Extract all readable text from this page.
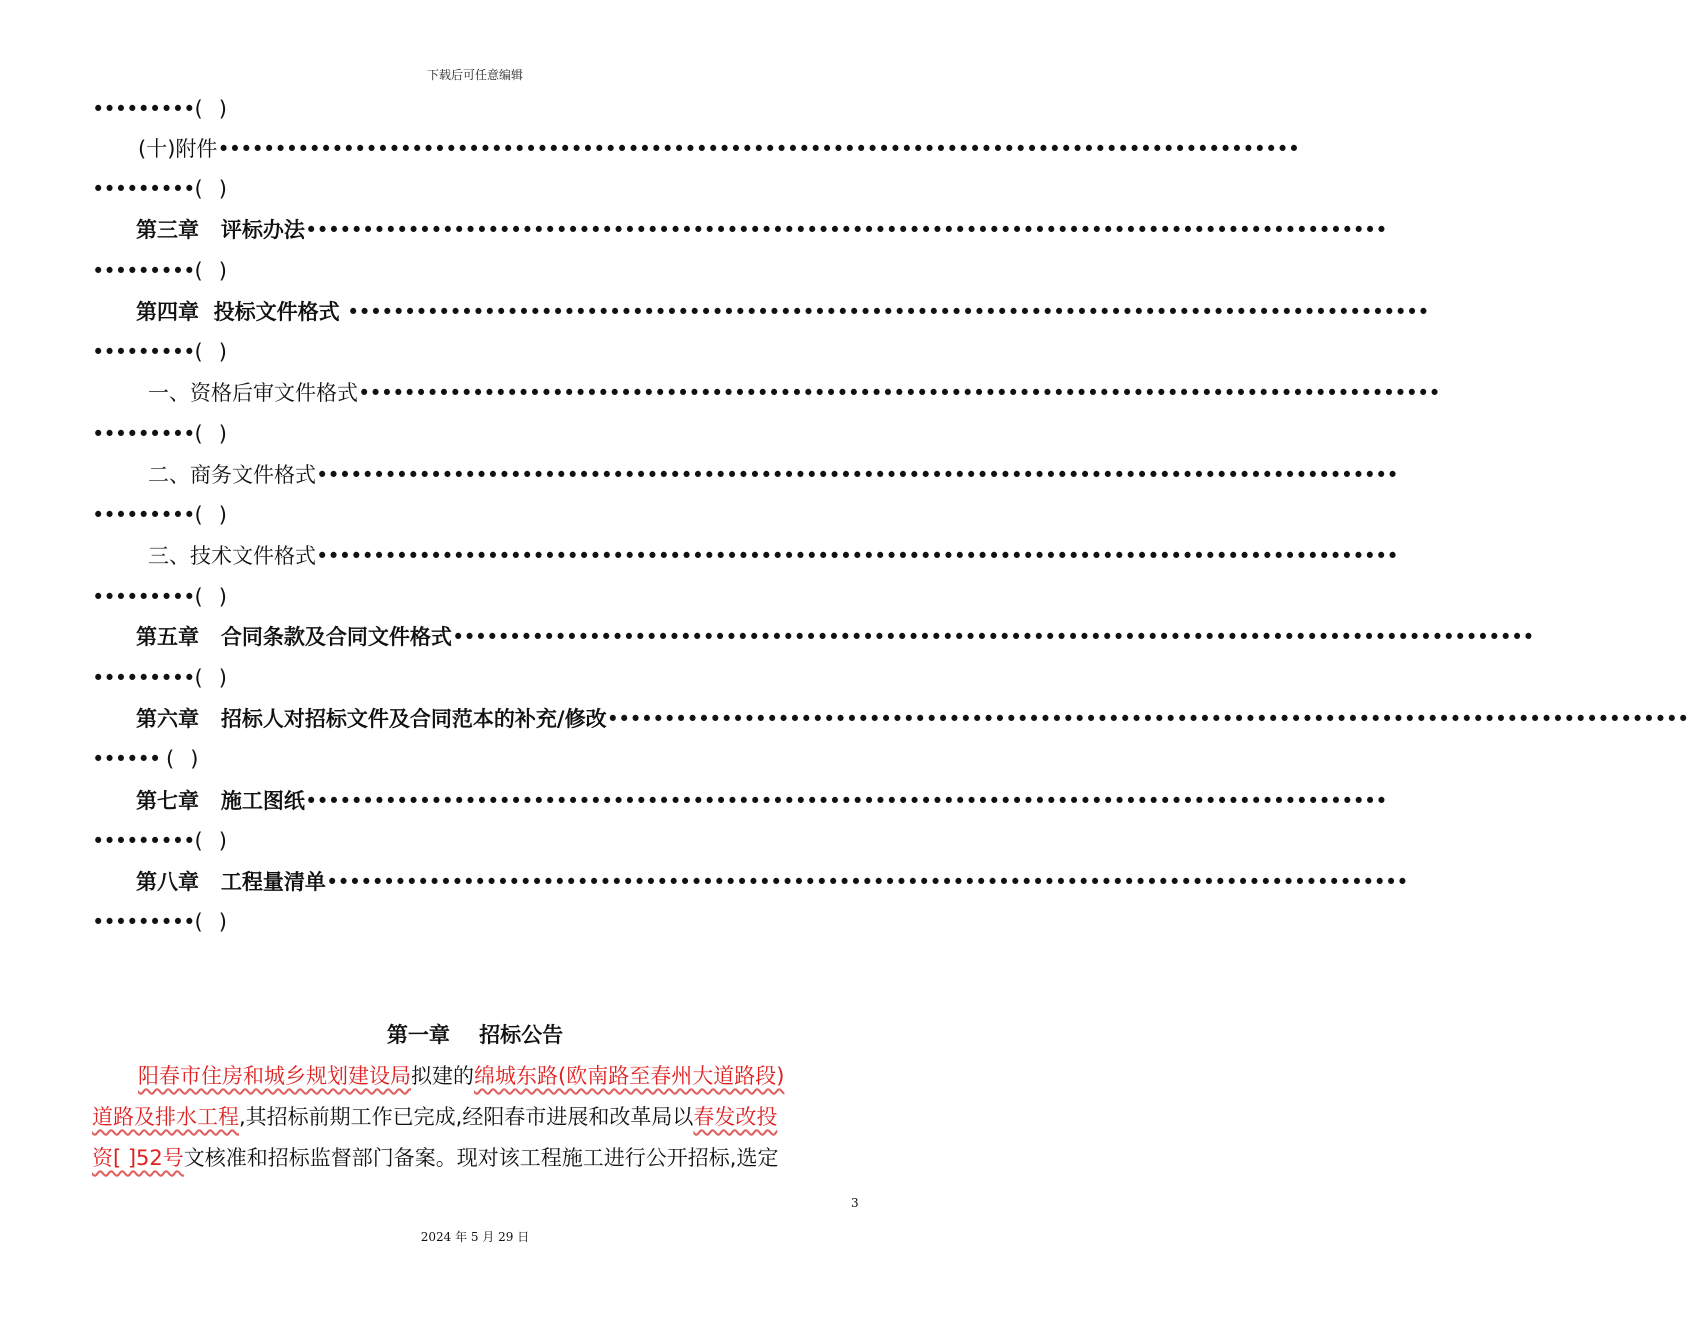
下载后可任意编辑
•••••••••(   )
(十)附件 •••••••••••••••••••••••••••••••••••••••••••••••••••••••••••••••••••••••••••••••••••••••••••••••
•••••••••(   )
第三章   评标办法 •••••••••••••••••••••••••••••••••••••••••••••••••••••••••••••••••••••••••••••••••••••••••••••••
•••••••••(   )
第四章  投标文件格式 •••••••••••••••••••••••••••••••••••••••••••••••••••••••••••••••••••••••••••••••••••••••••••••••
•••••••••(   )
一、资格后审文件格式 •••••••••••••••••••••••••••••••••••••••••••••••••••••••••••••••••••••••••••••••••••••••••••••••
•••••••••(   )
二、商务文件格式 •••••••••••••••••••••••••••••••••••••••••••••••••••••••••••••••••••••••••••••••••••••••••••••••
•••••••••(   )
三、技术文件格式 •••••••••••••••••••••••••••••••••••••••••••••••••••••••••••••••••••••••••••••••••••••••••••••••
•••••••••(   )
第五章   合同条款及合同文件格式 •••••••••••••••••••••••••••••••••••••••••••••••••••••••••••••••••••••••••••••••••••••••••••••••
•••••••••(   )
第六章   招标人对招标文件及合同范本的补充/修改 •••••••••••••••••••••••••••••••••••••••••••••••••••••••••••••••••••••••••••••••••••••••••••••••
•••••• (   )
第七章   施工图纸 •••••••••••••••••••••••••••••••••••••••••••••••••••••••••••••••••••••••••••••••••••••••••••••••
•••••••••(   )
第八章   工程量清单 •••••••••••••••••••••••••••••••••••••••••••••••••••••••••••••••••••••••••••••••••••••••••••••••
•••••••••(   )
第一章    招标公告
阳春市住房和城乡规划建设局拟建的绵城东路(欧南路至春州大道路段)
道路及排水工程,其招标前期工作已完成,经阳春市进展和改革局以春发改投
资[ ]52号文核准和招标监督部门备案。现对该工程施工进行公开招标,选定
3
2024 年 5 月 29 日
